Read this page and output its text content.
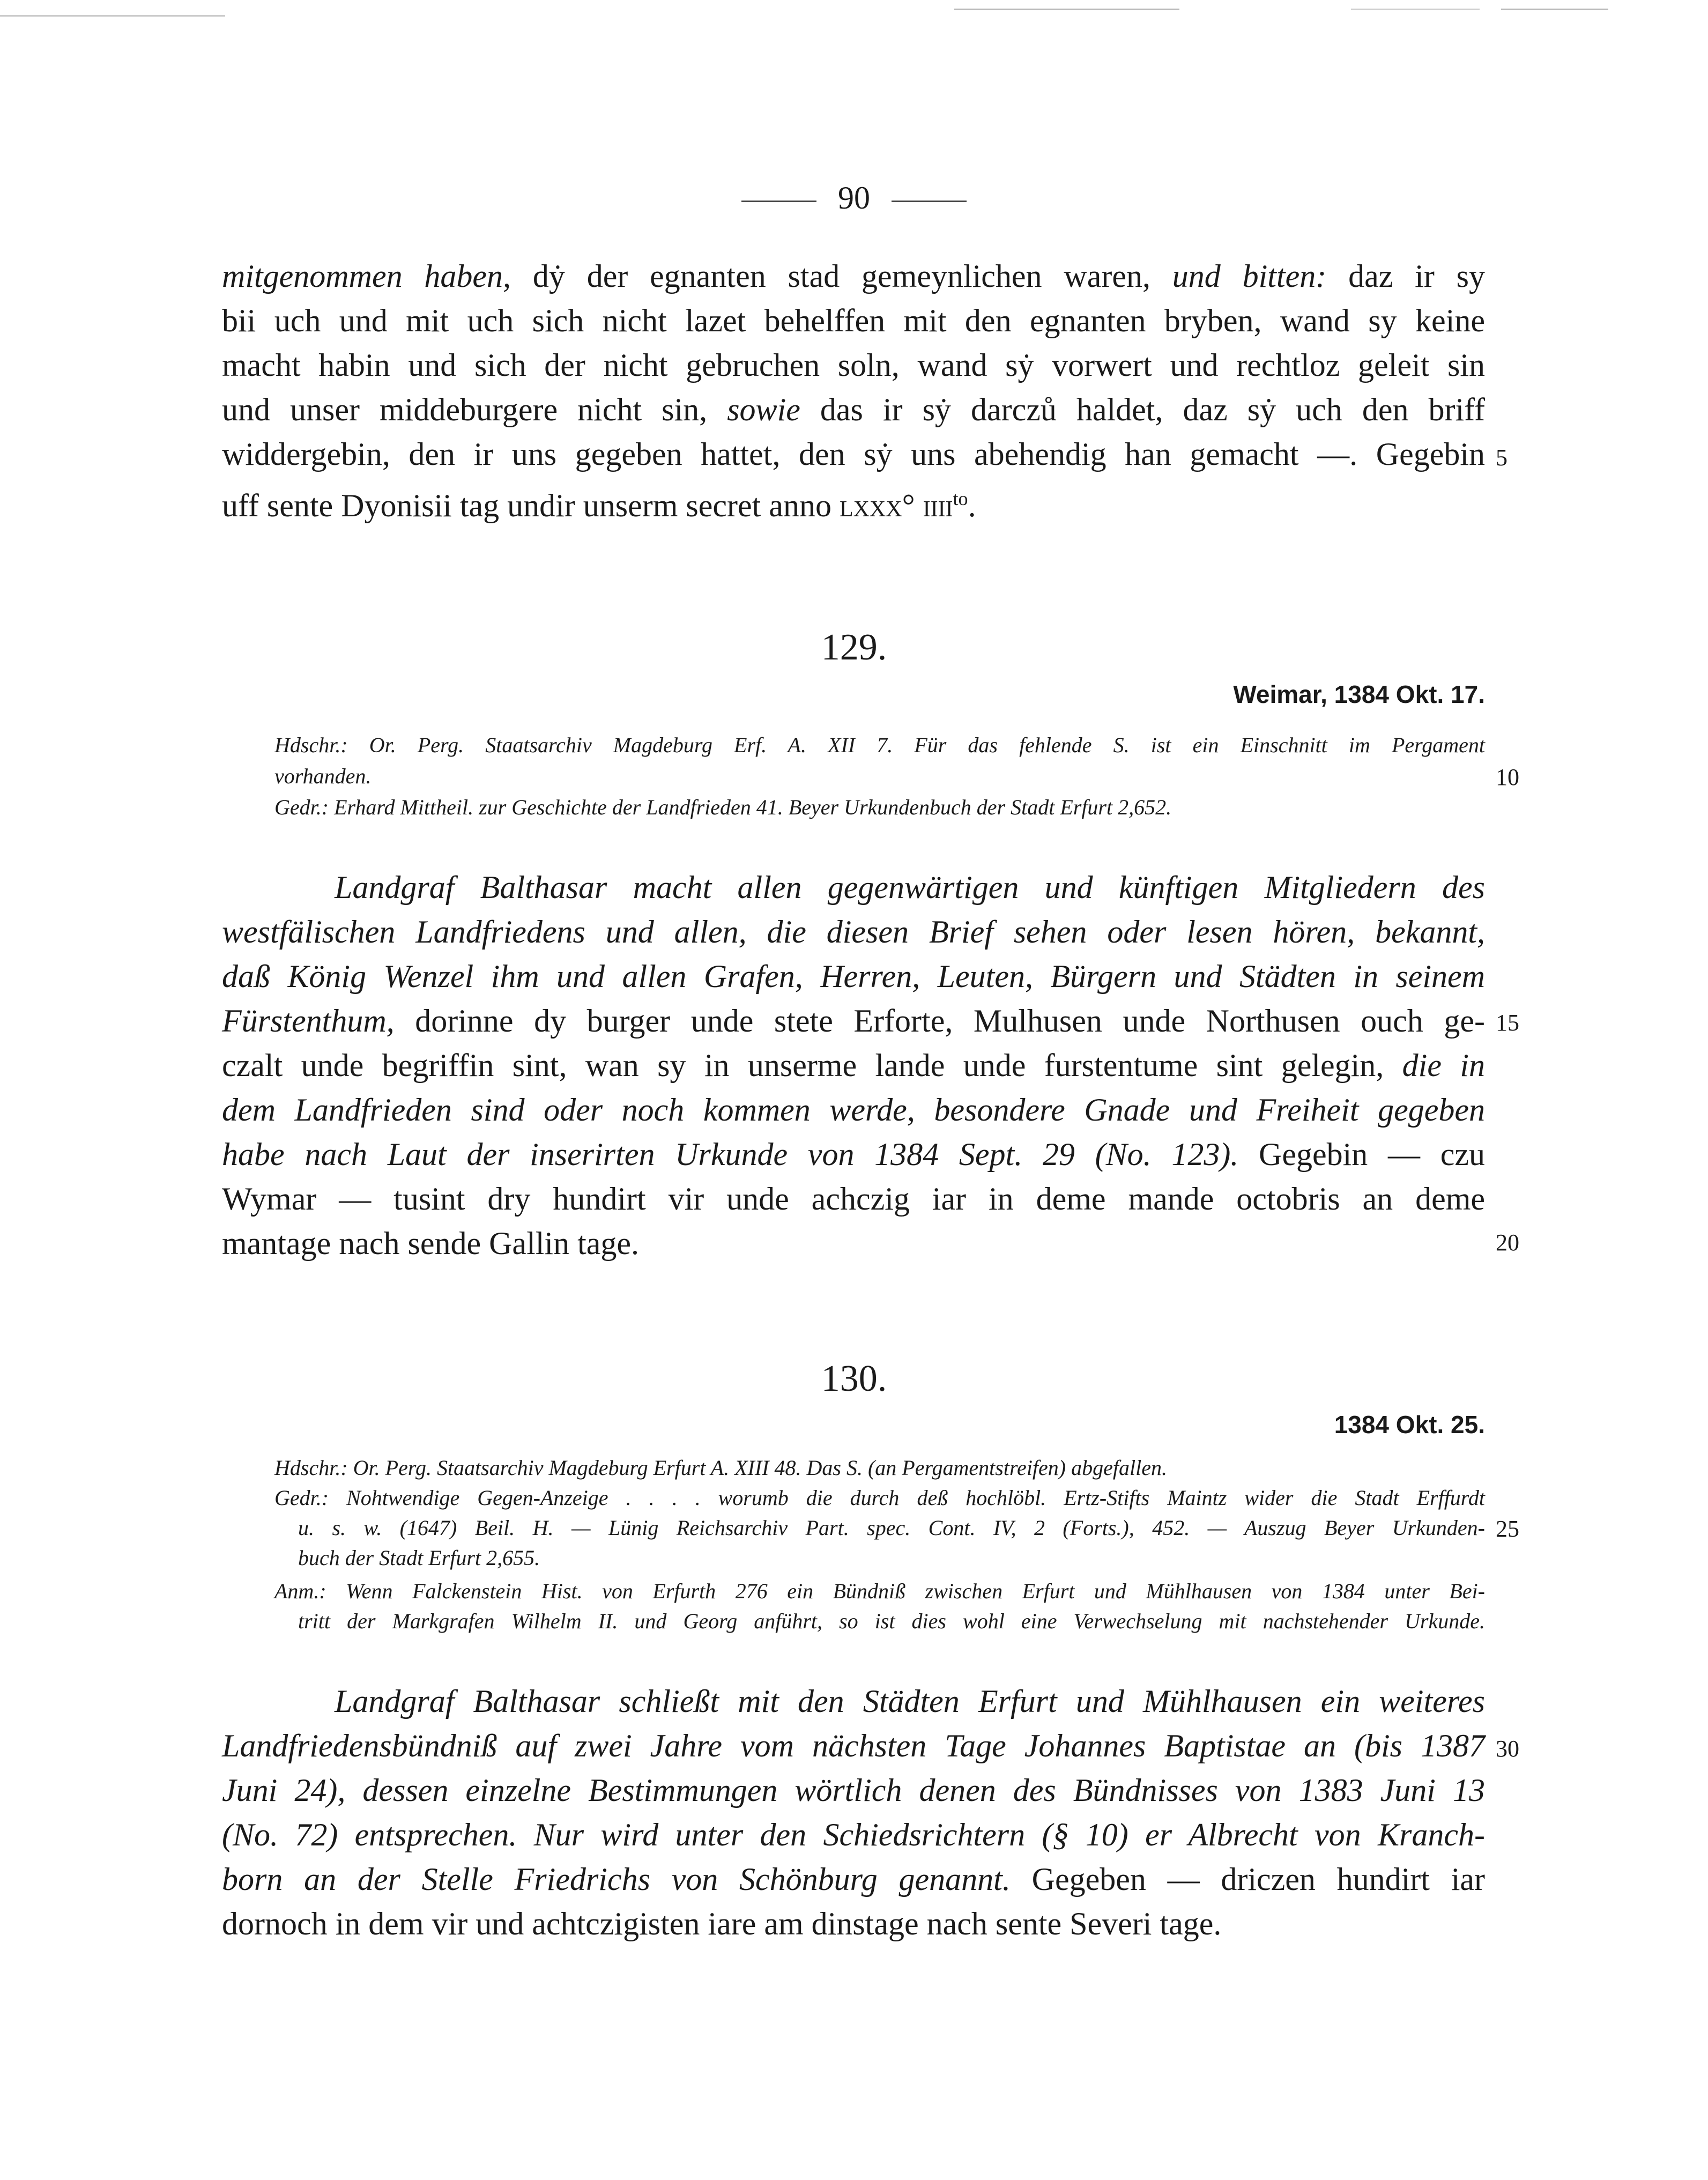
90
mitgenommen haben, dẏ der egnanten stad gemeynlichen waren, und bitten: daz ir sy
bii uch und mit uch sich nicht lazet behelffen mit den egnanten bryben, wand sy keine
macht habin und sich der nicht gebruchen soln, wand sẏ vorwert und rechtloz geleit sin
und unser middeburgere nicht sin, sowie das ir sẏ darczů haldet, daz sẏ uch den briff
widdergebin, den ir uns gegeben hattet, den sẏ uns abehendig han gemacht —. Gegebin
uff sente Dyonisii tag undir unserm secret anno lxxx° iiii$^{to}$.
5
129.
Weimar, 1384 Okt. 17.
Hdschr.: Or. Perg. Staatsarchiv Magdeburg Erf. A. XII 7. Für das fehlende S. ist ein Einschnitt im Pergament
vorhanden.
Gedr.: Erhard Mittheil. zur Geschichte der Landfrieden 41. Beyer Urkundenbuch der Stadt Erfurt 2,652.
10
Landgraf Balthasar macht allen gegenwärtigen und künftigen Mitgliedern des
westfälischen Landfriedens und allen, die diesen Brief sehen oder lesen hören, bekannt,
daß König Wenzel ihm und allen Grafen, Herren, Leuten, Bürgern und Städten in seinem
Fürstenthum, dorinne dy burger unde stete Erforte, Mulhusen unde Northusen ouch ge-
czalt unde begriffin sint, wan sy in unserme lande unde furstentume sint gelegin, die in
dem Landfrieden sind oder noch kommen werde, besondere Gnade und Freiheit gegeben
habe nach Laut der inserirten Urkunde von 1384 Sept. 29 (No. 123). Gegebin — czu
Wymar — tusint dry hundirt vir unde achczig iar in deme mande octobris an deme
mantage nach sende Gallin tage.
15
20
130.
1384 Okt. 25.
Hdschr.: Or. Perg. Staatsarchiv Magdeburg Erfurt A. XIII 48. Das S. (an Pergamentstreifen) abgefallen.
Gedr.: Nohtwendige Gegen-Anzeige . . . . worumb die durch deß hochlöbl. Ertz-Stifts Maintz wider die Stadt Erffurdt
u. s. w. (1647) Beil. H. — Lünig Reichsarchiv Part. spec. Cont. IV, 2 (Forts.), 452. — Auszug Beyer Urkunden-
buch der Stadt Erfurt 2,655.
Anm.: Wenn Falckenstein Hist. von Erfurth 276 ein Bündniß zwischen Erfurt und Mühlhausen von 1384 unter Bei-
tritt der Markgrafen Wilhelm II. und Georg anführt, so ist dies wohl eine Verwechselung mit nachstehender Urkunde.
25
Landgraf Balthasar schließt mit den Städten Erfurt und Mühlhausen ein weiteres
Landfriedensbündniß auf zwei Jahre vom nächsten Tage Johannes Baptistae an (bis 1387
Juni 24), dessen einzelne Bestimmungen wörtlich denen des Bündnisses von 1383 Juni 13
(No. 72) entsprechen. Nur wird unter den Schiedsrichtern (§ 10) er Albrecht von Kranch-
born an der Stelle Friedrichs von Schönburg genannt. Gegeben — driczen hundirt iar
dornoch in dem vir und achtczigisten iare am dinstage nach sente Severi tage.
30
